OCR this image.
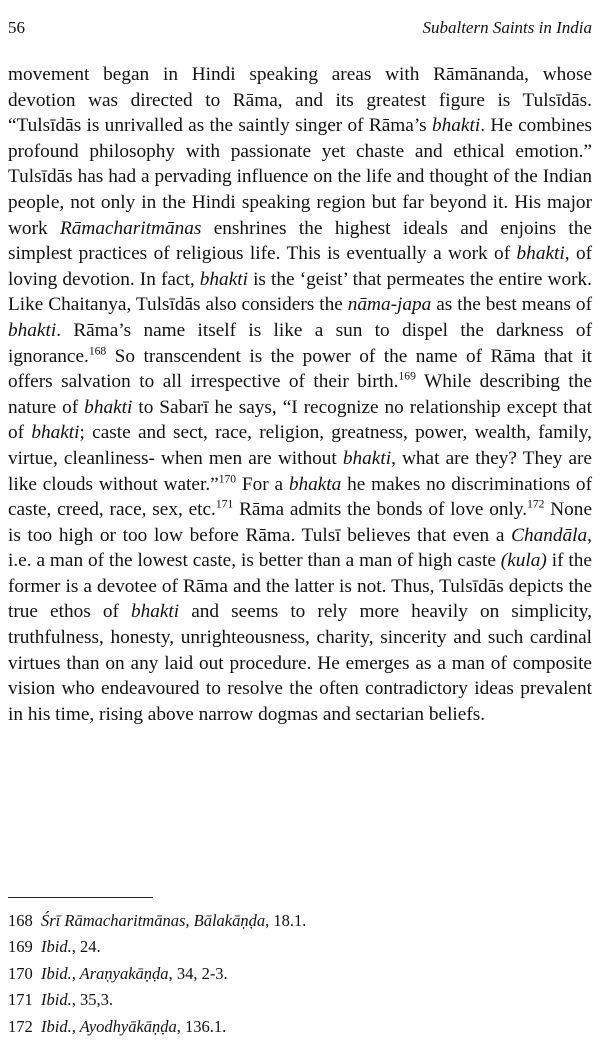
56	Subaltern Saints in India

movement began in Hindi speaking areas with Rāmānanda, whose devotion was directed to Rāma, and its greatest figure is Tulsīdās. “Tulsīdās is unrivalled as the saintly singer of Rāma’s bhakti. He combines profound philosophy with passionate yet chaste and ethical emotion.” Tulsīdās has had a pervading influence on the life and thought of the Indian people, not only in the Hindi speaking region but far beyond it. His major work Rāmacharitmānas enshrines the highest ideals and enjoins the simplest practices of religious life. This is eventually a work of bhakti, of loving devotion. In fact, bhakti is the ‘geist’ that permeates the entire work. Like Chaitanya, Tulsīdās also considers the nāma-japa as the best means of bhakti. Rāma’s name itself is like a sun to dispel the darkness of ignorance.$^{168}$ So transcendent is the power of the name of Rāma that it offers salvation to all irrespective of their birth.$^{169}$ While describing the nature of bhakti to Sabarī he says, “I recognize no relationship except that of bhakti; caste and sect, race, religion, greatness, power, wealth, family, virtue, cleanliness- when men are without bhakti, what are they? They are like clouds without water.”$^{170}$ For a bhakta he makes no discriminations of caste, creed, race, sex, etc.$^{171}$ Rāma admits the bonds of love only.$^{172}$ None is too high or too low before Rāma. Tulsī believes that even a Chandāla, i.e. a man of the lowest caste, is better than a man of high caste (kula) if the former is a devotee of Rāma and the latter is not. Thus, Tulsīdās depicts the true ethos of bhakti and seems to rely more heavily on simplicity, truthfulness, honesty, unrighteousness, charity, sincerity and such cardinal virtues than on any laid out procedure. He emerges as a man of composite vision who endeavoured to resolve the often contradictory ideas prevalent in his time, rising above narrow dogmas and sectarian beliefs.

168 Śrī Rāmacharitmānas, Bālakāṇḍa, 18.1.
169 Ibid., 24.
170 Ibid., Araṇyakāṇḍa, 34, 2-3.
171 Ibid., 35,3.
172 Ibid., Ayodhyākāṇḍa, 136.1.
